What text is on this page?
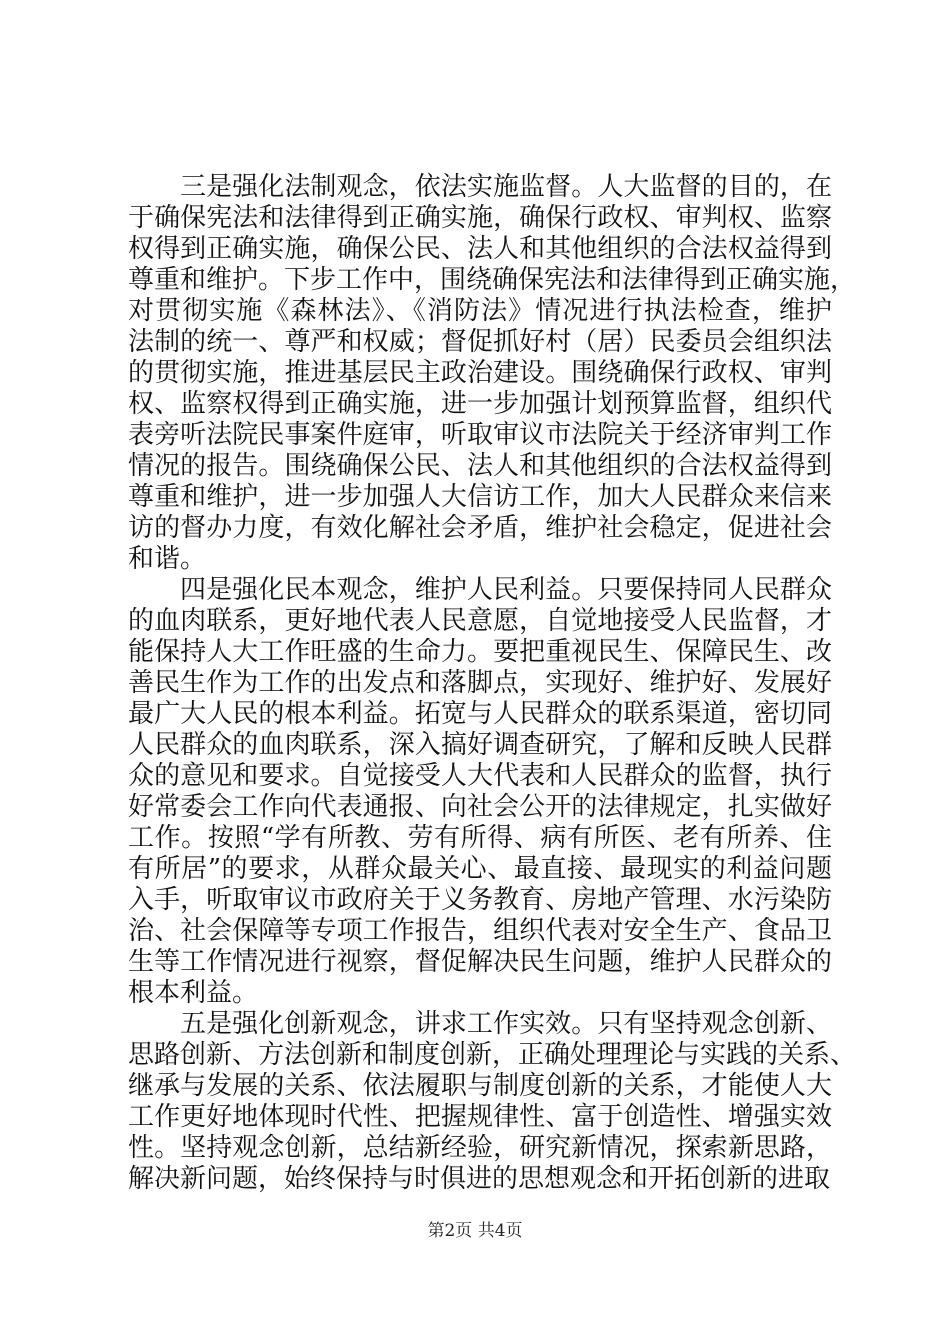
三是强化法制观念，依法实施监督。人大监督的目的，在
于确保宪法和法律得到正确实施，确保行政权、审判权、监察
权得到正确实施，确保公民、法人和其他组织的合法权益得到
尊重和维护。下步工作中，围绕确保宪法和法律得到正确实施，
对贯彻实施《森林法》、《消防法》情况进行执法检查，维护
法制的统一、尊严和权威；督促抓好村（居）民委员会组织法
的贯彻实施，推进基层民主政治建设。围绕确保行政权、审判
权、监察权得到正确实施，进一步加强计划预算监督，组织代
表旁听法院民事案件庭审，听取审议市法院关于经济审判工作
情况的报告。围绕确保公民、法人和其他组织的合法权益得到
尊重和维护，进一步加强人大信访工作，加大人民群众来信来
访的督办力度，有效化解社会矛盾，维护社会稳定，促进社会
和谐。
四是强化民本观念，维护人民利益。只要保持同人民群众
的血肉联系，更好地代表人民意愿，自觉地接受人民监督，才
能保持人大工作旺盛的生命力。要把重视民生、保障民生、改
善民生作为工作的出发点和落脚点，实现好、维护好、发展好
最广大人民的根本利益。拓宽与人民群众的联系渠道，密切同
人民群众的血肉联系，深入搞好调查研究，了解和反映人民群
众的意见和要求。自觉接受人大代表和人民群众的监督，执行
好常委会工作向代表通报、向社会公开的法律规定，扎实做好
工作。按照“学有所教、劳有所得、病有所医、老有所养、住
有所居”的要求，从群众最关心、最直接、最现实的利益问题
入手，听取审议市政府关于义务教育、房地产管理、水污染防
治、社会保障等专项工作报告，组织代表对安全生产、食品卫
生等工作情况进行视察，督促解决民生问题，维护人民群众的
根本利益。
五是强化创新观念，讲求工作实效。只有坚持观念创新、
思路创新、方法创新和制度创新，正确处理理论与实践的关系、
继承与发展的关系、依法履职与制度创新的关系，才能使人大
工作更好地体现时代性、把握规律性、富于创造性、增强实效
性。坚持观念创新，总结新经验，研究新情况，探索新思路，
解决新问题，始终保持与时俱进的思想观念和开拓创新的进取
第2页 共4页
